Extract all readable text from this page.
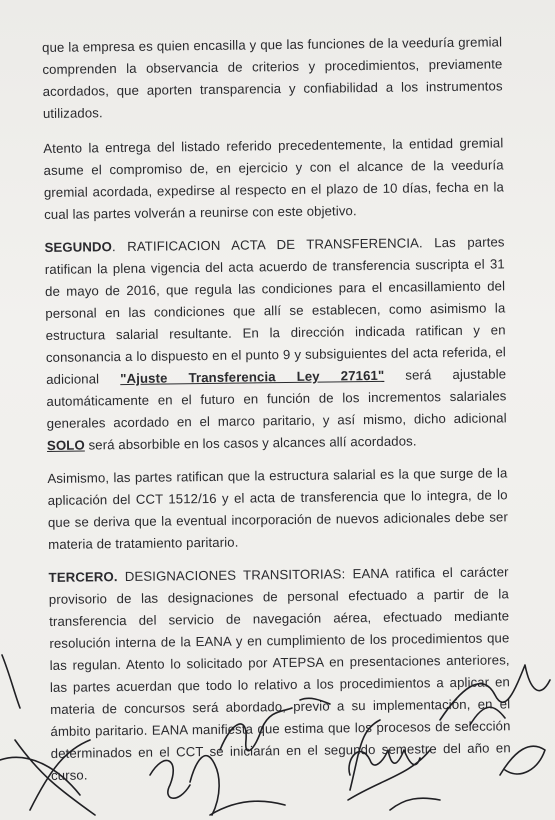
que la empresa es quien encasilla y que las funciones de la veeduría gremial comprenden la observancia de criterios y procedimientos, previamente acordados, que aporten transparencia y confiabilidad a los instrumentos utilizados.

Atento la entrega del listado referido precedentemente, la entidad gremial asume el compromiso de, en ejercicio y con el alcance de la veeduría gremial acordada, expedirse al respecto en el plazo de 10 días, fecha en la cual las partes volverán a reunirse con este objetivo.

SEGUNDO. RATIFICACION ACTA DE TRANSFERENCIA. Las partes ratifican la plena vigencia del acta acuerdo de transferencia suscripta el 31 de mayo de 2016, que regula las condiciones para el encasillamiento del personal en las condiciones que allí se establecen, como asimismo la estructura salarial resultante. En la dirección indicada ratifican y en consonancia a lo dispuesto en el punto 9 y subsiguientes del acta referida, el adicional "Ajuste Transferencia Ley 27161" será ajustable automáticamente en el futuro en función de los incrementos salariales generales acordado en el marco paritario, y así mismo, dicho adicional SOLO será absorbible en los casos y alcances allí acordados.

Asimismo, las partes ratifican que la estructura salarial es la que surge de la aplicación del CCT 1512/16 y el acta de transferencia que lo integra, de lo que se deriva que la eventual incorporación de nuevos adicionales debe ser materia de tratamiento paritario.

TERCERO. DESIGNACIONES TRANSITORIAS: EANA ratifica el carácter provisorio de las designaciones de personal efectuado a partir de la transferencia del servicio de navegación aérea, efectuado mediante resolución interna de la EANA y en cumplimiento de los procedimientos que las regulan. Atento lo solicitado por ATEPSA en presentaciones anteriores, las partes acuerdan que todo lo relativo a los procedimientos a aplicar en materia de concursos será abordado, previo a su implementación, en el ámbito paritario. EANA manifiesta que estima que los procesos de selección determinados en el CCT se iniciarán en el segundo semestre del año en curso.
